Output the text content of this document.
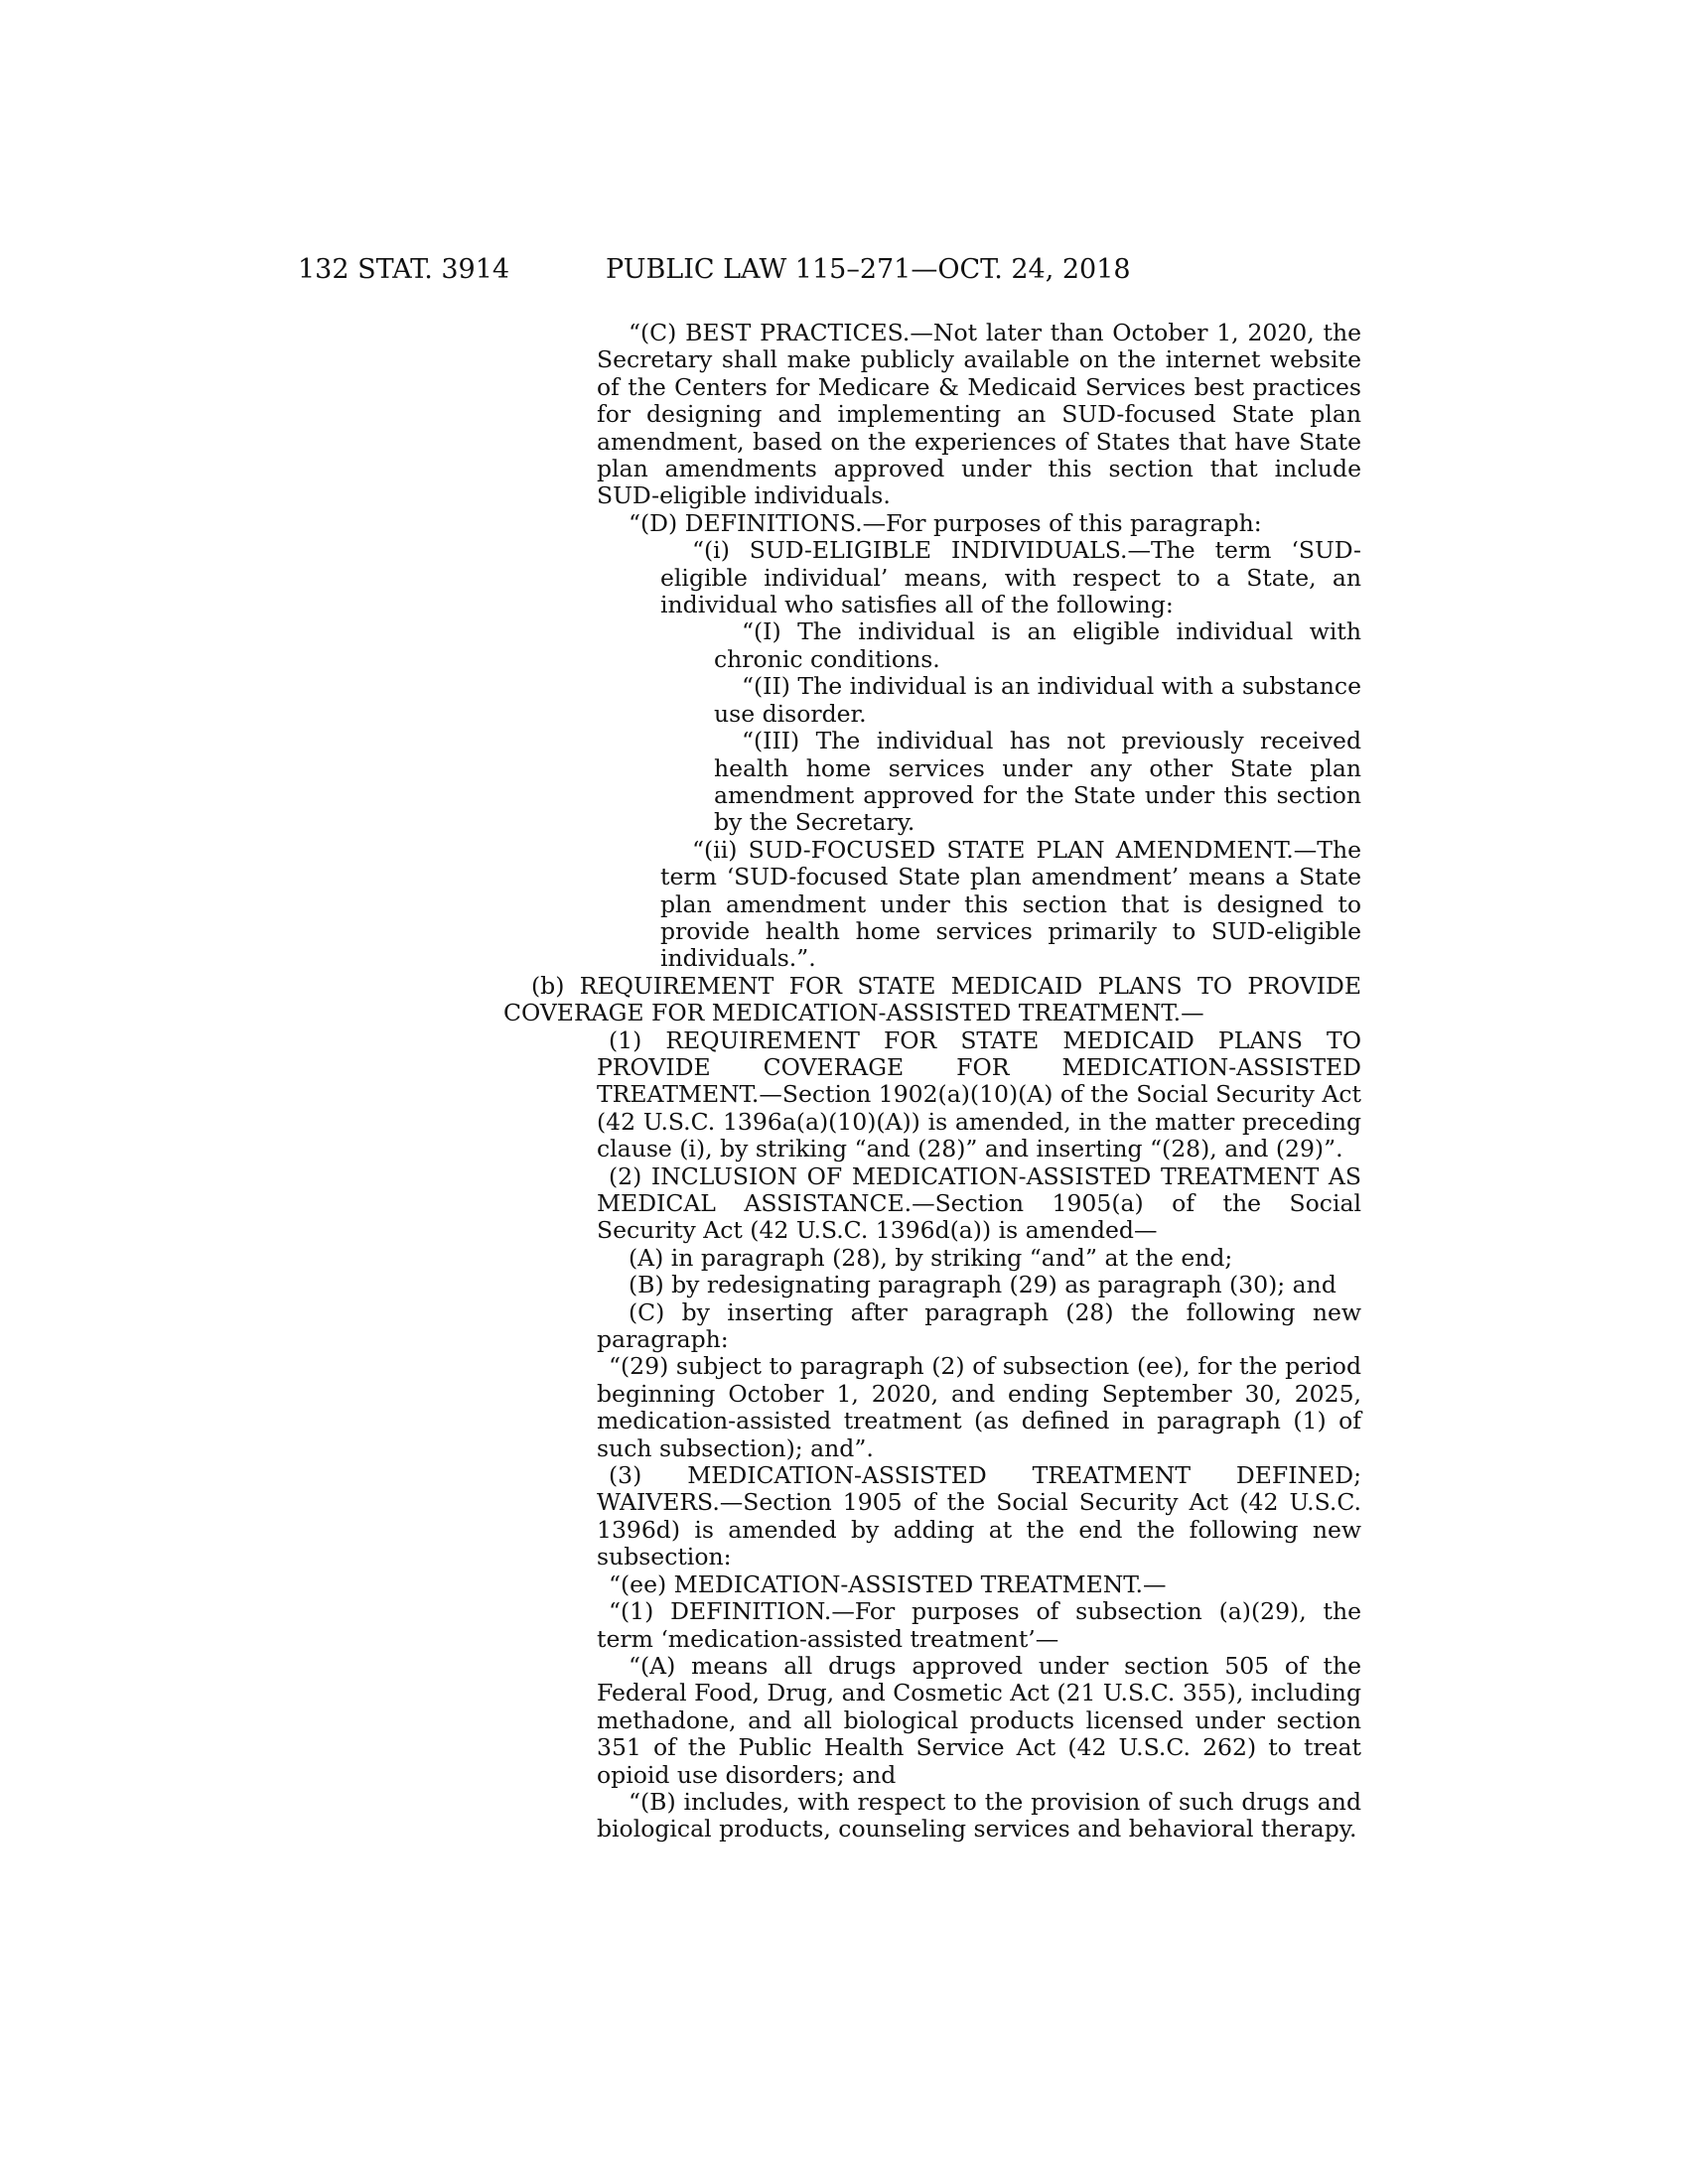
132 STAT. 3914	PUBLIC LAW 115–271—OCT. 24, 2018

“(C) BEST PRACTICES.—Not later than October 1, 2020, the Secretary shall make publicly available on the internet website of the Centers for Medicare & Medicaid Services best practices for designing and implementing an SUD-focused State plan amendment, based on the experiences of States that have State plan amendments approved under this section that include SUD-eligible individuals.

“(D) DEFINITIONS.—For purposes of this paragraph:

“(i) SUD-ELIGIBLE INDIVIDUALS.—The term ‘SUD-eligible individual’ means, with respect to a State, an individual who satisfies all of the following:

“(I) The individual is an eligible individual with chronic conditions.

“(II) The individual is an individual with a substance use disorder.

“(III) The individual has not previously received health home services under any other State plan amendment approved for the State under this section by the Secretary.

“(ii) SUD-FOCUSED STATE PLAN AMENDMENT.—The term ‘SUD-focused State plan amendment’ means a State plan amendment under this section that is designed to provide health home services primarily to SUD-eligible individuals.”.

(b) REQUIREMENT FOR STATE MEDICAID PLANS TO PROVIDE COVERAGE FOR MEDICATION-ASSISTED TREATMENT.—

(1) REQUIREMENT FOR STATE MEDICAID PLANS TO PROVIDE COVERAGE FOR MEDICATION-ASSISTED TREATMENT.—Section 1902(a)(10)(A) of the Social Security Act (42 U.S.C. 1396a(a)(10)(A)) is amended, in the matter preceding clause (i), by striking “and (28)” and inserting “(28), and (29)”.

(2) INCLUSION OF MEDICATION-ASSISTED TREATMENT AS MEDICAL ASSISTANCE.—Section 1905(a) of the Social Security Act (42 U.S.C. 1396d(a)) is amended—

(A) in paragraph (28), by striking “and” at the end;

(B) by redesignating paragraph (29) as paragraph (30); and

(C) by inserting after paragraph (28) the following new paragraph:

“(29) subject to paragraph (2) of subsection (ee), for the period beginning October 1, 2020, and ending September 30, 2025, medication-assisted treatment (as defined in paragraph (1) of such subsection); and”.

(3) MEDICATION-ASSISTED TREATMENT DEFINED; WAIVERS.—Section 1905 of the Social Security Act (42 U.S.C. 1396d) is amended by adding at the end the following new subsection:

“(ee) MEDICATION-ASSISTED TREATMENT.—

“(1) DEFINITION.—For purposes of subsection (a)(29), the term ‘medication-assisted treatment’—

“(A) means all drugs approved under section 505 of the Federal Food, Drug, and Cosmetic Act (21 U.S.C. 355), including methadone, and all biological products licensed under section 351 of the Public Health Service Act (42 U.S.C. 262) to treat opioid use disorders; and

“(B) includes, with respect to the provision of such drugs and biological products, counseling services and behavioral therapy.
